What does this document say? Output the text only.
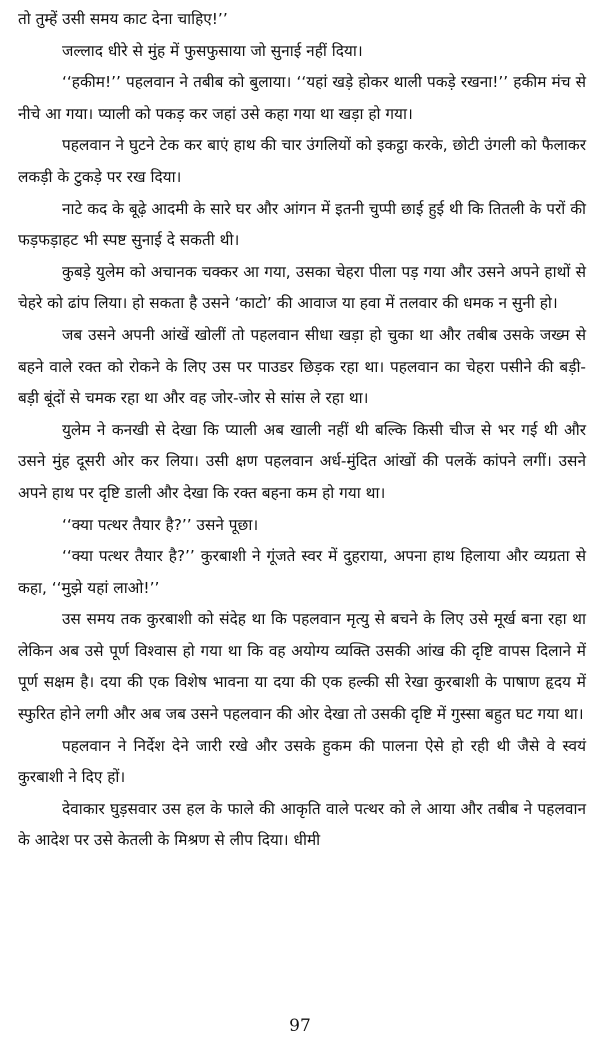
तो तुम्हें उसी समय काट देना चाहिए!’’

जल्लाद धीरे से मुंह में फुसफुसाया जो सुनाई नहीं दिया।

‘‘हकीम!’’ पहलवान ने तबीब को बुलाया। ‘‘यहां खड़े होकर थाली पकड़े रखना!’’ हकीम मंच से नीचे आ गया। प्याली को पकड़ कर जहां उसे कहा गया था खड़ा हो गया।

पहलवान ने घुटने टेक कर बाएं हाथ की चार उंगलियों को इकट्ठा करके, छोटी उंगली को फैलाकर लकड़ी के टुकड़े पर रख दिया।

नाटे कद के बूढ़े आदमी के सारे घर और आंगन में इतनी चुप्पी छाई हुई थी कि तितली के परों की फड़फड़ाहट भी स्पष्ट सुनाई दे सकती थी।

कुबड़े युलेम को अचानक चक्कर आ गया, उसका चेहरा पीला पड़ गया और उसने अपने हाथों से चेहरे को ढांप लिया। हो सकता है उसने ‘काटो’ की आवाज या हवा में तलवार की धमक न सुनी हो।

जब उसने अपनी आंखें खोलीं तो पहलवान सीधा खड़ा हो चुका था और तबीब उसके जख्म से बहने वाले रक्त को रोकने के लिए उस पर पाउडर छिड़क रहा था। पहलवान का चेहरा पसीने की बड़ी-बड़ी बूंदों से चमक रहा था और वह जोर-जोर से सांस ले रहा था।

युलेम ने कनखी से देखा कि प्याली अब खाली नहीं थी बल्कि किसी चीज से भर गई थी और उसने मुंह दूसरी ओर कर लिया। उसी क्षण पहलवान अर्ध-मुंदित आंखों की पलकें कांपने लगीं। उसने अपने हाथ पर दृष्टि डाली और देखा कि रक्त बहना कम हो गया था।

‘‘क्या पत्थर तैयार है?’’ उसने पूछा।

‘‘क्या पत्थर तैयार है?’’ कुरबाशी ने गूंजते स्वर में दुहराया, अपना हाथ हिलाया और व्यग्रता से कहा, ‘‘मुझे यहां लाओ!’’

उस समय तक कुरबाशी को संदेह था कि पहलवान मृत्यु से बचने के लिए उसे मूर्ख बना रहा था लेकिन अब उसे पूर्ण विश्वास हो गया था कि वह अयोग्य व्यक्ति उसकी आंख की दृष्टि वापस दिलाने में पूर्ण सक्षम है। दया की एक विशेष भावना या दया की एक हल्की सी रेखा कुरबाशी के पाषाण हृदय में स्फुरित होने लगी और अब जब उसने पहलवान की ओर देखा तो उसकी दृष्टि में गुस्सा बहुत घट गया था।

पहलवान ने निर्देश देने जारी रखे और उसके हुकम की पालना ऐसे हो रही थी जैसे वे स्वयं कुरबाशी ने दिए हों।

देवाकार घुड़सवार उस हल के फाले की आकृति वाले पत्थर को ले आया और तबीब ने पहलवान के आदेश पर उसे केतली के मिश्रण से लीप दिया। धीमी

97
